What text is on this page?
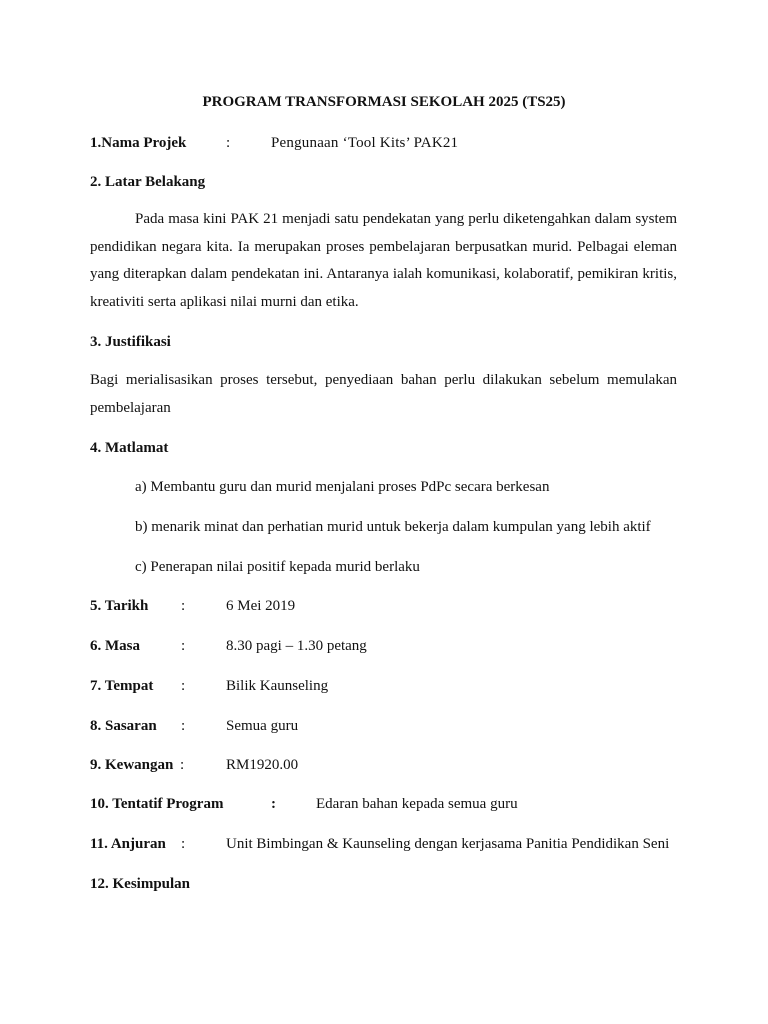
PROGRAM TRANSFORMASI SEKOLAH 2025 (TS25)
1.Nama Projek	:	Pengunaan ‘Tool Kits’ PAK21
2. Latar Belakang
Pada masa kini PAK 21 menjadi satu pendekatan yang perlu diketengahkan dalam system pendidikan negara kita. Ia merupakan proses pembelajaran berpusatkan murid. Pelbagai eleman yang diterapkan dalam pendekatan ini. Antaranya ialah komunikasi, kolaboratif, pemikiran kritis, kreativiti serta aplikasi nilai murni dan etika.
3. Justifikasi
Bagi merialisasikan proses tersebut, penyediaan bahan perlu dilakukan sebelum memulakan pembelajaran
4. Matlamat
a) Membantu guru dan murid menjalani proses PdPc secara berkesan
b) menarik minat dan perhatian murid untuk bekerja dalam kumpulan yang lebih aktif
c) Penerapan nilai positif kepada murid berlaku
5. Tarikh :	6 Mei 2019
6. Masa	:	8.30 pagi – 1.30 petang
7. Tempat :	Bilik Kaunseling
8. Sasaran :	Semua guru
9. Kewangan :	RM1920.00
10. Tentatif Program	:	Edaran bahan kepada semua guru
11. Anjuran :	Unit Bimbingan & Kaunseling dengan kerjasama Panitia Pendidikan Seni
12. Kesimpulan
